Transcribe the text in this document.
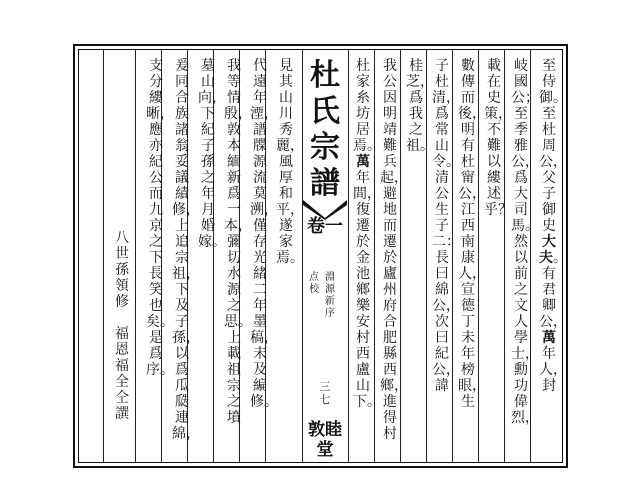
至侍御。至杜周公，父子御史大夫。有君卿公，萬年人，封
岐國公；至季雅公，爲大司馬。然以前之文人學士，勳功偉烈，
載在史策，不難以縷述乎？
數傳而後，明有杜甯公，江西南康人，宣德丁未年榜眼，生
子杜清，爲常山令。清公生子二：長曰綿公，次曰紀公，諱
桂芝，爲我之祖。
我公因明靖難兵起，避地而遷於廬州府合肥縣西鄉，進得村
杜家糸坊居焉。萬　年間，復遷於金池鄉樂安村西盧山下。
杜氏宗譜
卷一
淵源新序
点校
三七
敦睦堂
見其山川秀麗，風厚和平，遂家焉。
代遠年湮，譜牒源流莫溯，僅存光緒二年墨稿，未及編修。
我等情殷，敦本緬新爲一本，彌切水源之思。上載祖宗之墳
墓山向，下紀子孫之年月婚嫁。
爰同合族諸翁妥議績修，上追宗祖，下及子孫，以爲瓜瓞連綿，
支分縷晰，應亦紀公而九京之下長笑也矣。是爲序。
八世孫領修福恩　福全　仝譔
